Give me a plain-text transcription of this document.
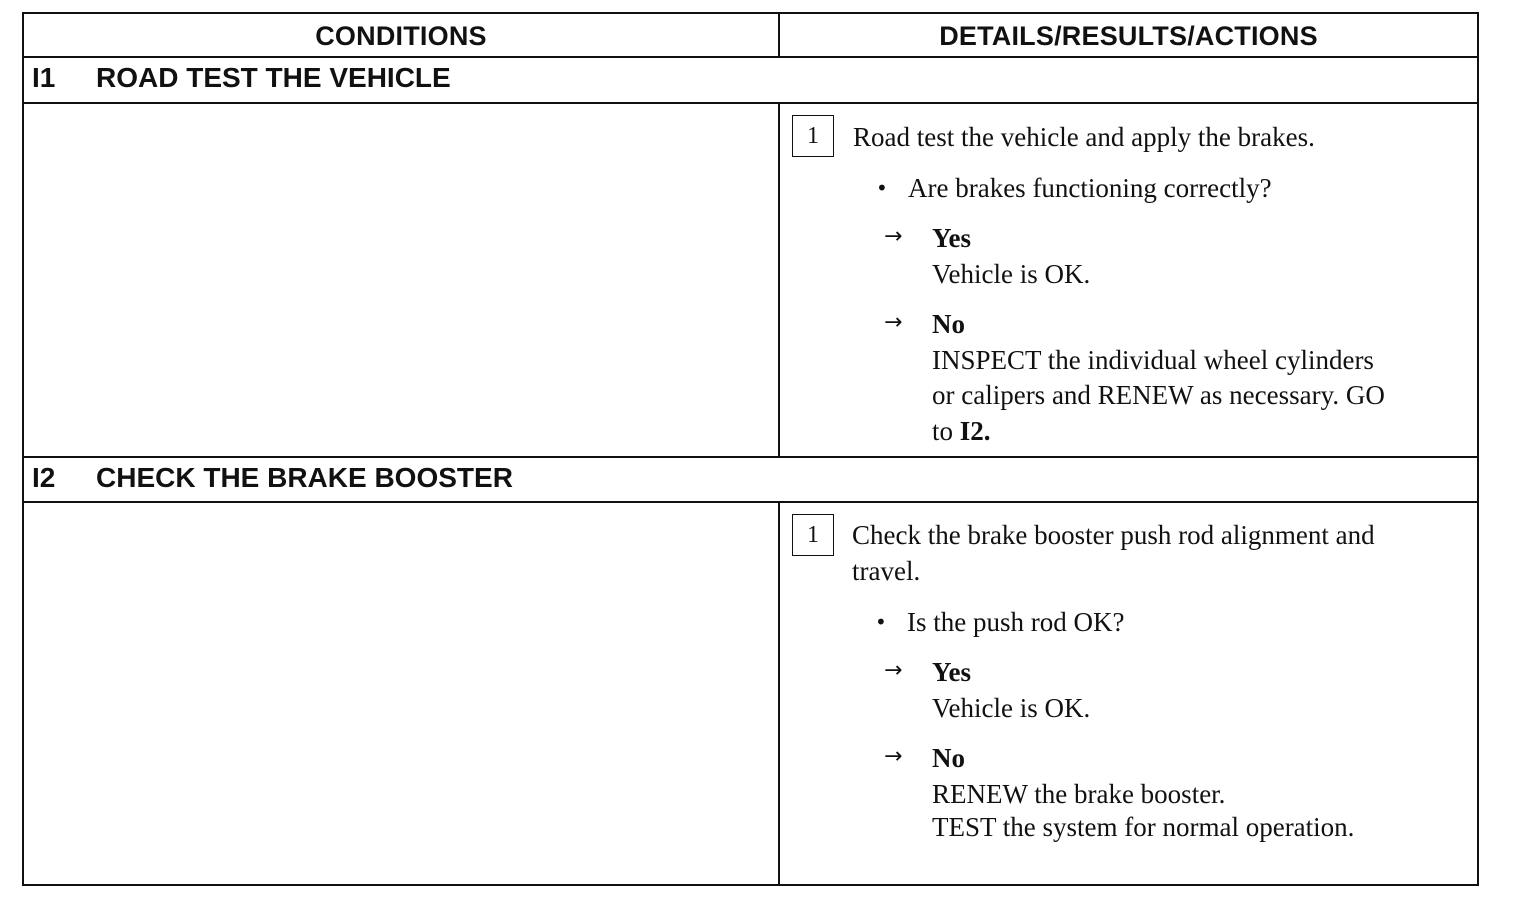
CONDITIONS	DETAILS/RESULTS/ACTIONS
I1 ROAD TEST THE VEHICLE
1	Road test the vehicle and apply the brakes.
• Are brakes functioning correctly?
→ Yes
Vehicle is OK.
→ No
INSPECT the individual wheel cylinders
or calipers and RENEW as necessary. GO
to I2.
I2 CHECK THE BRAKE BOOSTER
1	Check the brake booster push rod alignment and
travel.
• Is the push rod OK?
→ Yes
Vehicle is OK.
→ No
RENEW the brake booster.
TEST the system for normal operation.
